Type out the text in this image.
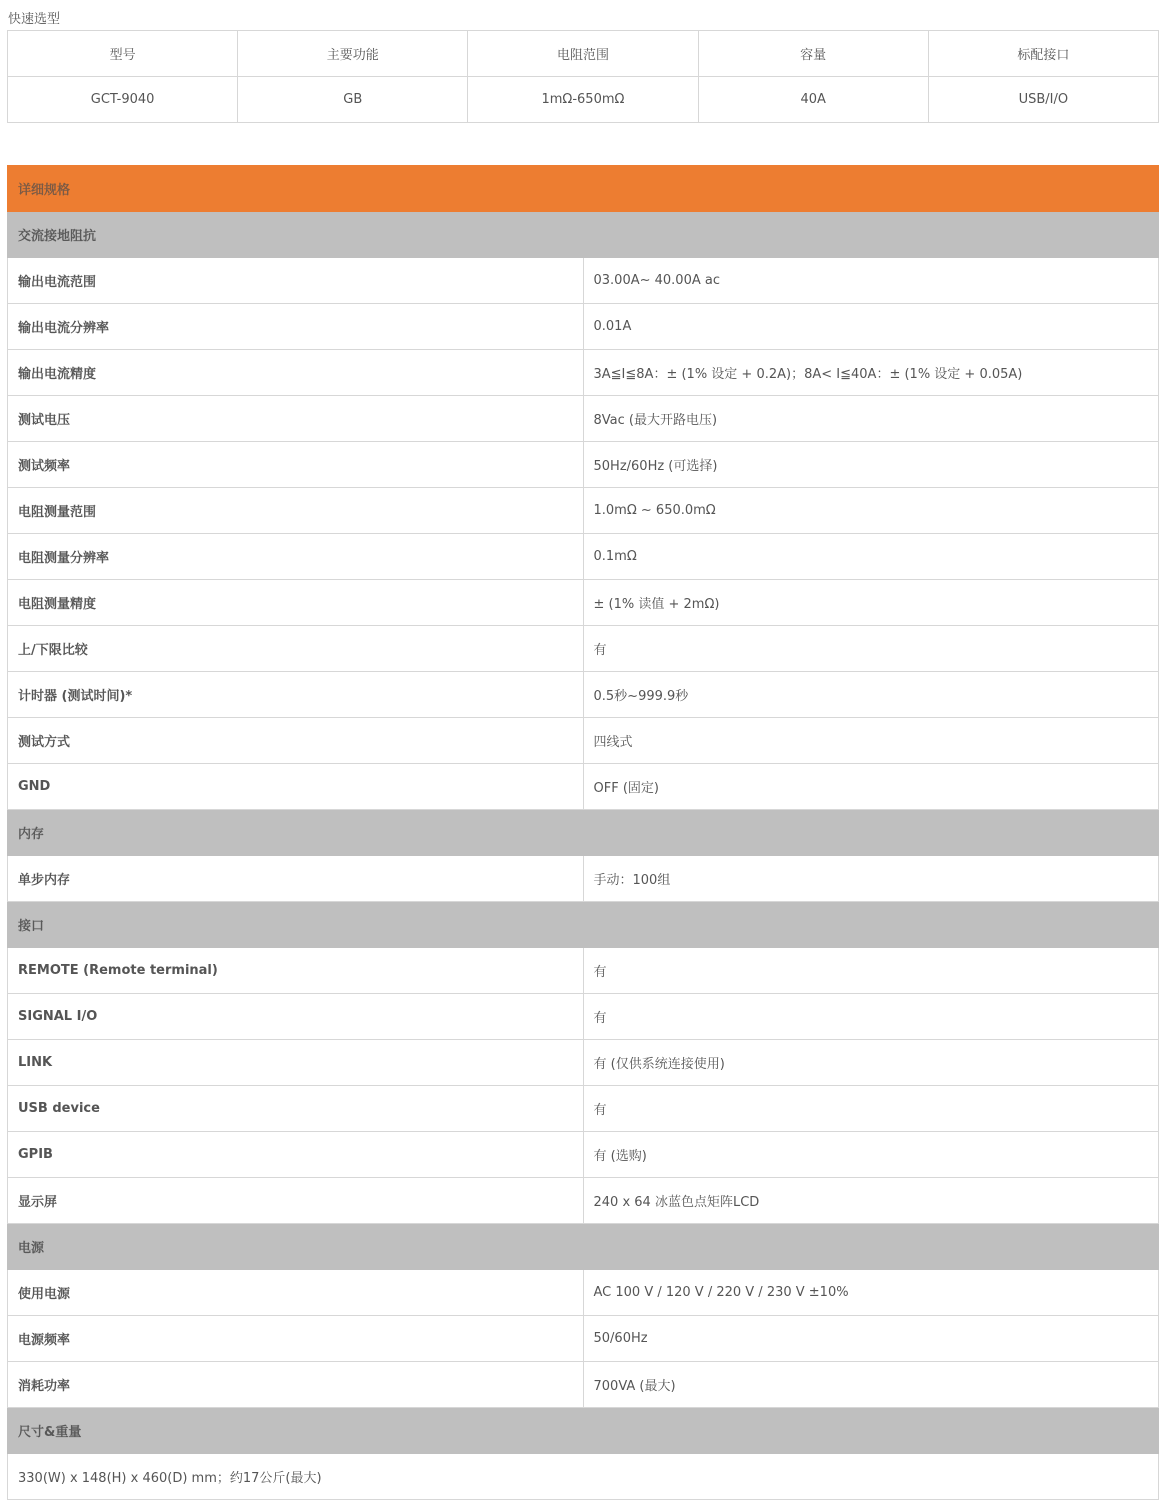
快速选型
型号	主要功能	电阻范围	容量	标配接口
GCT-9040	GB	1mΩ-650mΩ	40A	USB/I/O
详细规格	
交流接地阻抗	
输出电流范围	03.00A~ 40.00A ac
输出电流分辨率	0.01A
输出电流精度	3A≦I≦8A：± (1% 设定 + 0.2A)；8A< I≦40A：± (1% 设定 + 0.05A)
测试电压	8Vac (最大开路电压)
测试频率	50Hz/60Hz (可选择)
电阻测量范围	1.0mΩ ~ 650.0mΩ
电阻测量分辨率	0.1mΩ
电阻测量精度	± (1% 读值 + 2mΩ)
上/下限比较	有
计时器 (测试时间)*	0.5秒~999.9秒
测试方式	四线式
GND	OFF (固定)
内存	
单步内存	手动：100组
接口	
REMOTE (Remote terminal)	有
SIGNAL I/O	有
LINK	有 (仅供系统连接使用)
USB device	有
GPIB	有 (选购)
显示屏	240 x 64 冰蓝色点矩阵LCD
电源	
使用电源	AC 100 V / 120 V / 220 V / 230 V ±10%
电源频率	50/60Hz
消耗功率	700VA (最大)
尺寸&重量	
330(W) x 148(H) x 460(D) mm；约17公斤(最大)	
